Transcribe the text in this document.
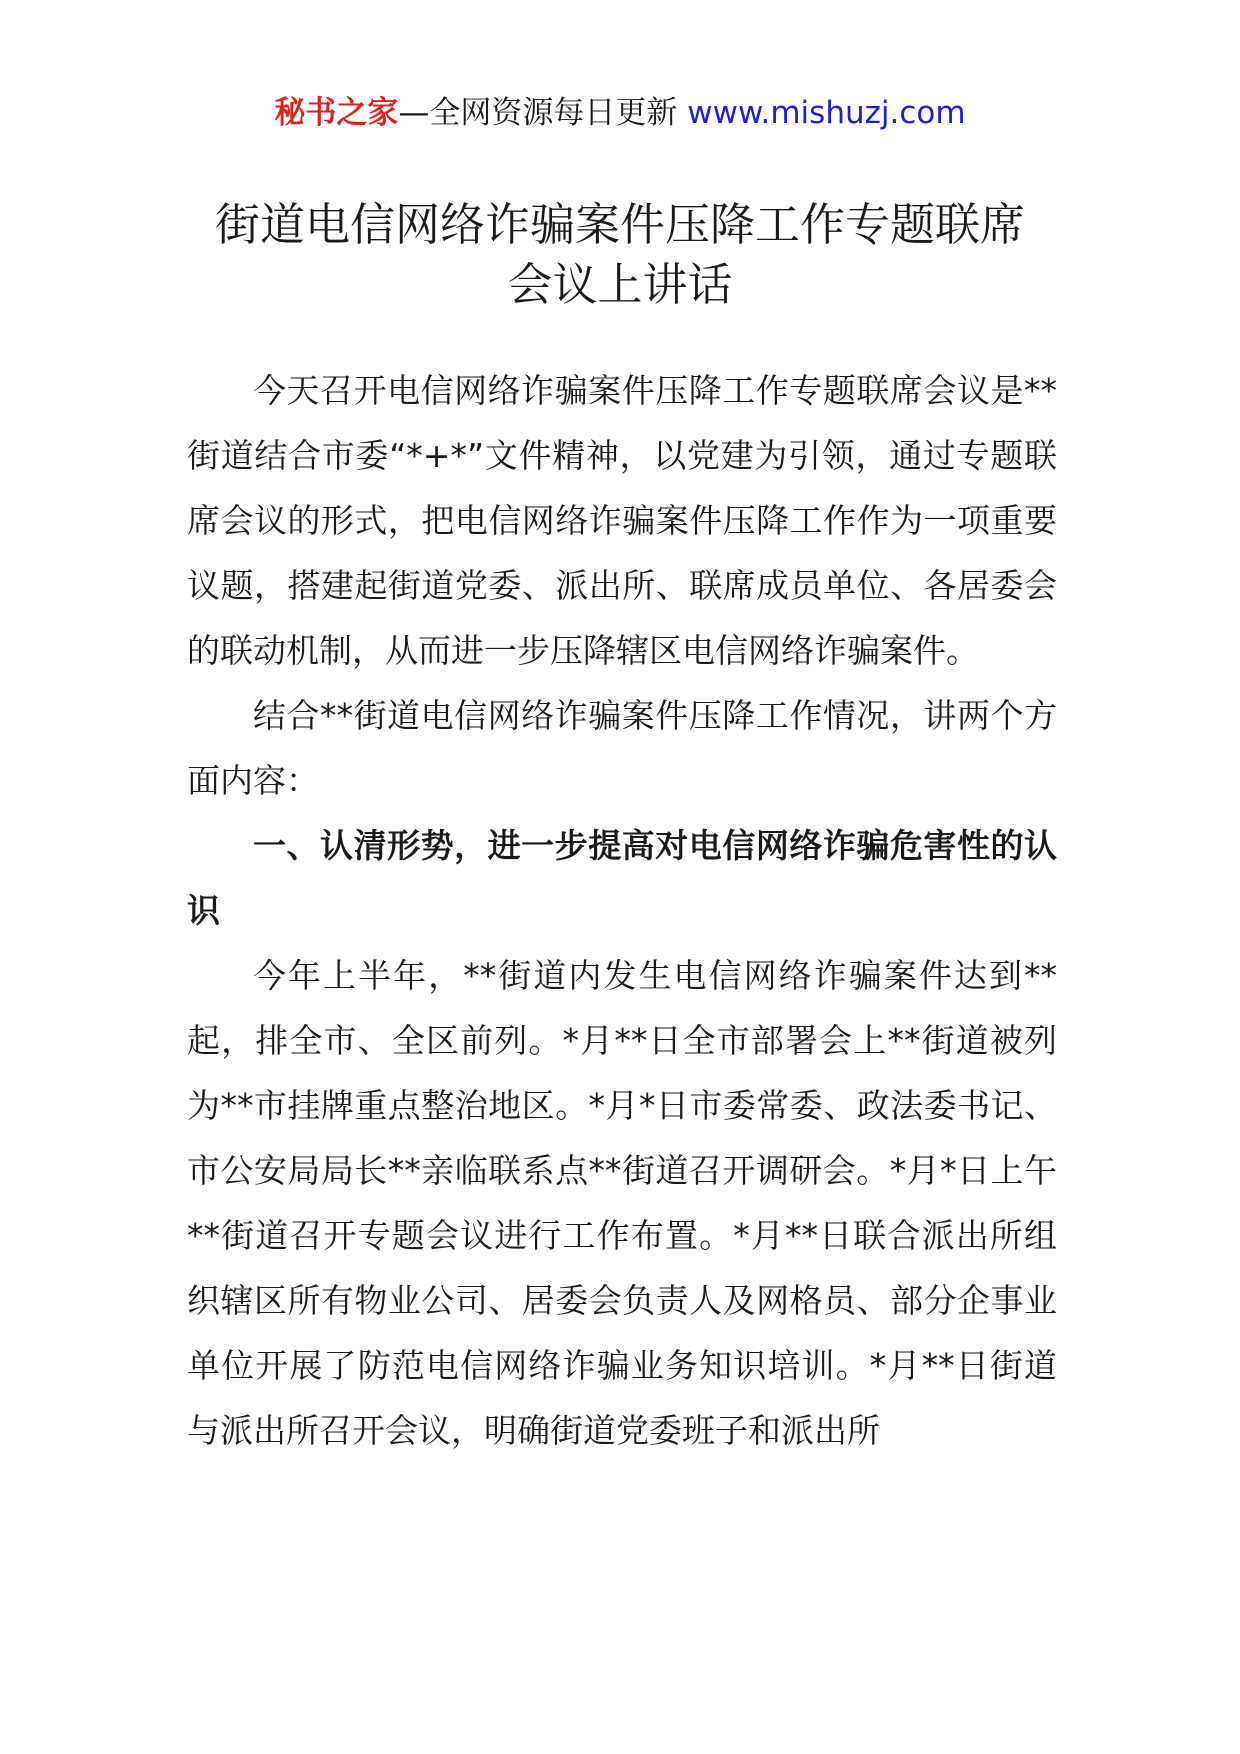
秘书之家—全网资源每日更新 www.mishuzj.com
街道电信网络诈骗案件压降工作专题联席
会议上讲话

今天召开电信网络诈骗案件压降工作专题联席会议是**街道结合市委“*+*”文件精神，以党建为引领，通过专题联席会议的形式，把电信网络诈骗案件压降工作作为一项重要议题，搭建起街道党委、派出所、联席成员单位、各居委会的联动机制，从而进一步压降辖区电信网络诈骗案件。

结合**街道电信网络诈骗案件压降工作情况，讲两个方面内容：

一、认清形势，进一步提高对电信网络诈骗危害性的认识

今年上半年，**街道内发生电信网络诈骗案件达到**起，排全市、全区前列。*月**日全市部署会上**街道被列为**市挂牌重点整治地区。*月*日市委常委、政法委书记、市公安局局长**亲临联系点**街道召开调研会。*月*日上午**街道召开专题会议进行工作布置。*月**日联合派出所组织辖区所有物业公司、居委会负责人及网格员、部分企事业单位开展了防范电信网络诈骗业务知识培训。*月**日街道与派出所召开会议，明确街道党委班子和派出所
